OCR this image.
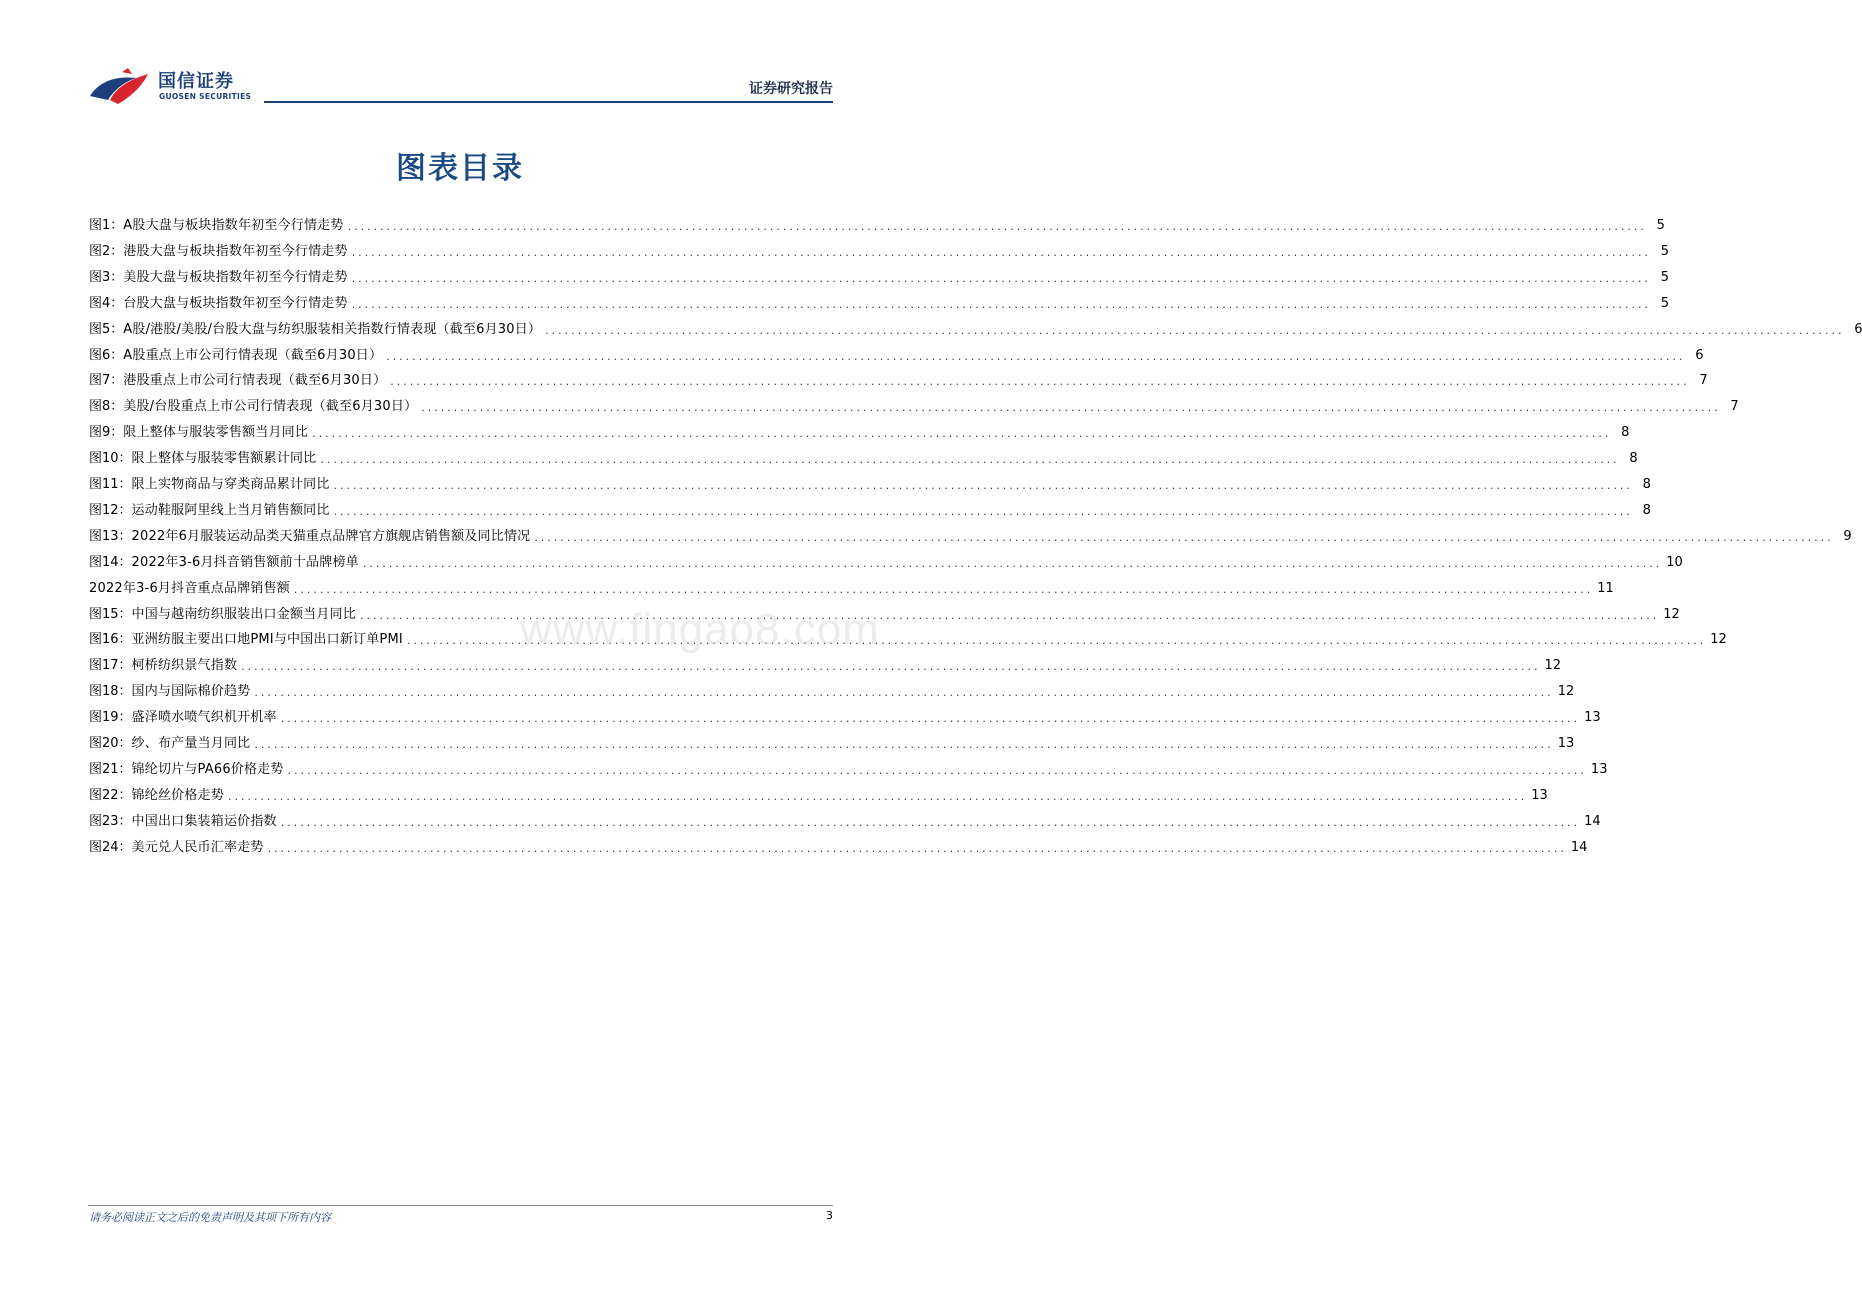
国信证券
GUOSEN SECURITIES	证券研究报告
图表目录
图1：A股大盘与板块指数年初至今行情走势 ........................................................................................................................................................................................................ 5
图2：港股大盘与板块指数年初至今行情走势 ........................................................................................................................................................................................................ 5
图3：美股大盘与板块指数年初至今行情走势 ........................................................................................................................................................................................................ 5
图4：台股大盘与板块指数年初至今行情走势 ........................................................................................................................................................................................................ 5
图5：A股/港股/美股/台股大盘与纺织服装相关指数行情表现（截至6月30日） ........................................................................................................................................................................................................ 6
图6：A股重点上市公司行情表现（截至6月30日） ........................................................................................................................................................................................................ 6
图7：港股重点上市公司行情表现（截至6月30日） ........................................................................................................................................................................................................ 7
图8：美股/台股重点上市公司行情表现（截至6月30日） ........................................................................................................................................................................................................ 7
图9：限上整体与服装零售额当月同比 ........................................................................................................................................................................................................ 8
图10：限上整体与服装零售额累计同比 ........................................................................................................................................................................................................ 8
图11：限上实物商品与穿类商品累计同比 ........................................................................................................................................................................................................ 8
图12：运动鞋服阿里线上当月销售额同比 ........................................................................................................................................................................................................ 8
图13：2022年6月服装运动品类天猫重点品牌官方旗舰店销售额及同比情况 ........................................................................................................................................................................................................ 9
图14：2022年3-6月抖音销售额前十品牌榜单 ........................................................................................................................................................................................................ 10
2022年3-6月抖音重点品牌销售额 ........................................................................................................................................................................................................ 11
图15：中国与越南纺织服装出口金额当月同比 ........................................................................................................................................................................................................ 12
图16：亚洲纺服主要出口地PMI与中国出口新订单PMI ........................................................................................................................................................................................................ 12
图17：柯桥纺织景气指数 ........................................................................................................................................................................................................ 12
图18：国内与国际棉价趋势 ........................................................................................................................................................................................................ 12
图19：盛泽喷水喷气织机开机率 ........................................................................................................................................................................................................ 13
图20：纱、布产量当月同比 ........................................................................................................................................................................................................ 13
图21：锦纶切片与PA66价格走势 ........................................................................................................................................................................................................ 13
图22：锦纶丝价格走势 ........................................................................................................................................................................................................ 13
图23：中国出口集装箱运价指数 ........................................................................................................................................................................................................ 14
图24：美元兑人民币汇率走势 ........................................................................................................................................................................................................ 14
www.fingao8.com
请务必阅读正文之后的免责声明及其项下所有内容	3
